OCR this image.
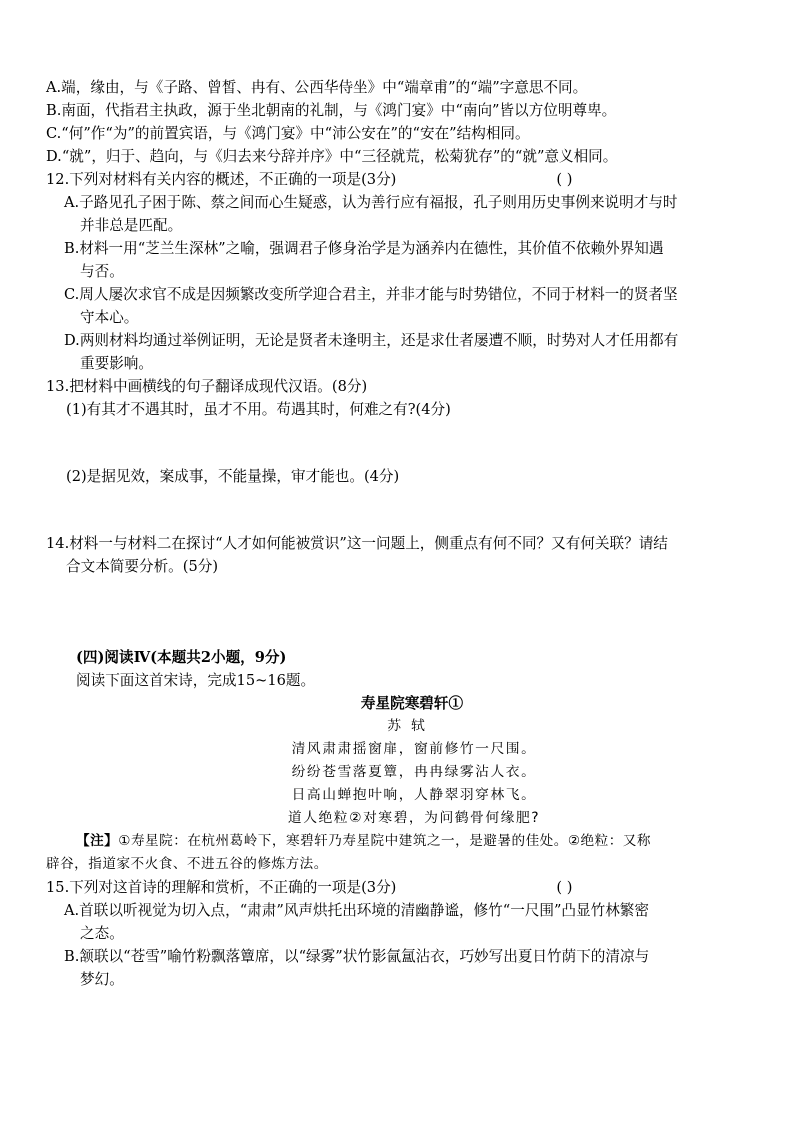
A.端，缘由，与《子路、曾皙、冉有、公西华侍坐》中“端章甫”的“端”字意思不同。
B.南面，代指君主执政，源于坐北朝南的礼制，与《鸿门宴》中“南向”皆以方位明尊卑。
C.“何”作“为”的前置宾语，与《鸿门宴》中“沛公安在”的“安在”结构相同。
D.“就”，归于、趋向，与《归去来兮辞并序》中“三径就荒，松菊犹存”的“就”意义相同。
12.下列对材料有关内容的概述，不正确的一项是(3分)	( )
A.子路见孔子困于陈、蔡之间而心生疑惑，认为善行应有福报，孔子则用历史事例来说明才与时
并非总是匹配。
B.材料一用“芝兰生深林”之喻，强调君子修身治学是为涵养内在德性，其价值不依赖外界知遇
与否。
C.周人屡次求官不成是因频繁改变所学迎合君主，并非才能与时势错位，不同于材料一的贤者坚
守本心。
D.两则材料均通过举例证明，无论是贤者未逢明主，还是求仕者屡遭不顺，时势对人才任用都有
重要影响。
13.把材料中画横线的句子翻译成现代汉语。(8分)
(1)有其才不遇其时，虽才不用。苟遇其时，何难之有?(4分)
(2)是据见效，案成事，不能量操，审才能也。(4分)
14.材料一与材料二在探讨“人才如何能被赏识”这一问题上，侧重点有何不同？又有何关联？请结
合文本简要分析。(5分)
(四)阅读Ⅳ(本题共2小题，9分)
阅读下面这首宋诗，完成15~16题。
寿星院寒碧轩①
苏轼
清风肃肃摇窗扉，窗前修竹一尺围。
纷纷苍雪落夏簟，冉冉绿雾沾人衣。
日高山蝉抱叶响，人静翠羽穿林飞。
道人绝粒②对寒碧，为问鹤骨何缘肥?
【注】①寿星院：在杭州葛岭下，寒碧轩乃寿星院中建筑之一，是避暑的佳处。②绝粒：又称
辟谷，指道家不火食、不进五谷的修炼方法。
15.下列对这首诗的理解和赏析，不正确的一项是(3分)	( )
A.首联以听视觉为切入点，“肃肃”风声烘托出环境的清幽静谧，修竹“一尺围”凸显竹林繁密
之态。
B.颔联以“苍雪”喻竹粉飘落簟席，以“绿雾”状竹影氤氲沾衣，巧妙写出夏日竹荫下的清凉与
梦幻。
